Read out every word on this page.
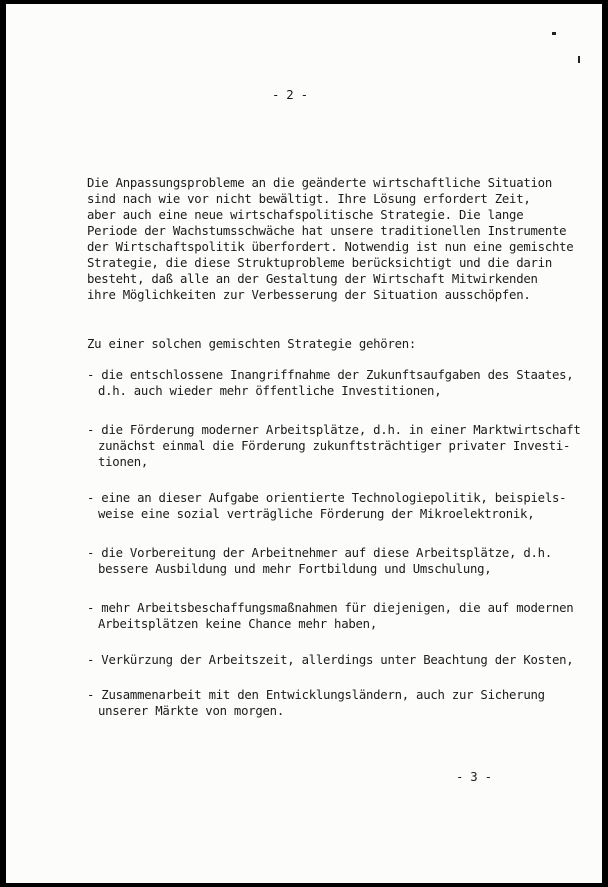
- 2 -

Die Anpassungsprobleme an die geänderte wirtschaftliche Situation
sind nach wie vor nicht bewältigt. Ihre Lösung erfordert Zeit,
aber auch eine neue wirtschafspolitische Strategie. Die lange
Periode der Wachstumsschwäche hat unsere traditionellen Instrumente
der Wirtschaftspolitik überfordert. Notwendig ist nun eine gemischte
Strategie, die diese Struktuprobleme berücksichtigt und die darin
besteht, daß alle an der Gestaltung der Wirtschaft Mitwirkenden
ihre Möglichkeiten zur Verbesserung der Situation ausschöpfen.

Zu einer solchen gemischten Strategie gehören:

- die entschlossene Inangriffnahme der Zukunftsaufgaben des Staates,
d.h. auch wieder mehr öffentliche Investitionen,
- die Förderung moderner Arbeitsplätze, d.h. in einer Marktwirtschaft
zunächst einmal die Förderung zukunftsträchtiger privater Investi-
tionen,
- eine an dieser Aufgabe orientierte Technologiepolitik, beispiels-
weise eine sozial verträgliche Förderung der Mikroelektronik,
- die Vorbereitung der Arbeitnehmer auf diese Arbeitsplätze, d.h.
bessere Ausbildung und mehr Fortbildung und Umschulung,
- mehr Arbeitsbeschaffungsmaßnahmen für diejenigen, die auf modernen
Arbeitsplätzen keine Chance mehr haben,
- Verkürzung der Arbeitszeit, allerdings unter Beachtung der Kosten,
- Zusammenarbeit mit den Entwicklungsländern, auch zur Sicherung
unserer Märkte von morgen.

- 3 -
